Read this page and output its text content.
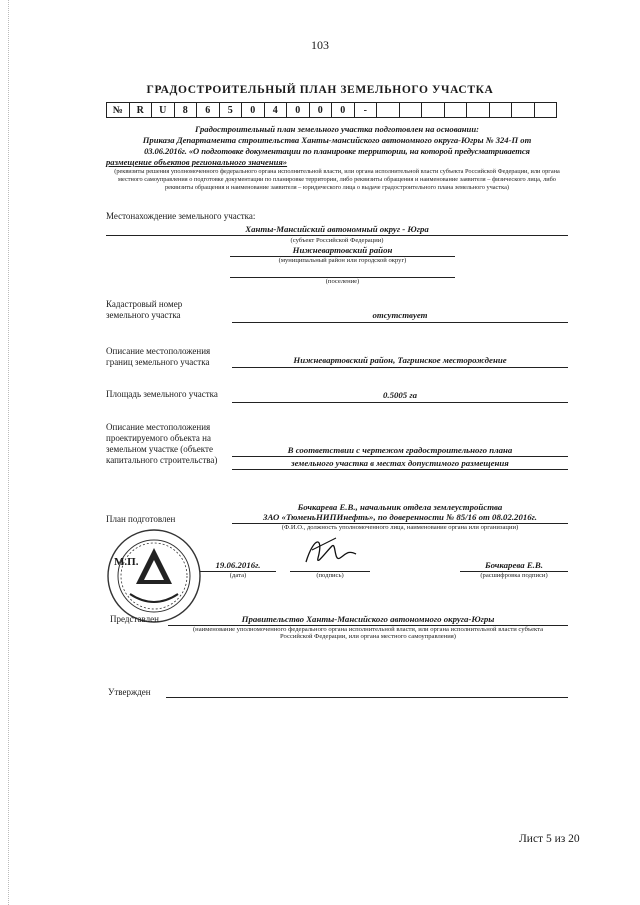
103
ГРАДОСТРОИТЕЛЬНЫЙ ПЛАН ЗЕМЕЛЬНОГО УЧАСТКА
№	R	U	8	6	5	0	4	0	0	0	-								
Градостроительный план земельного участка подготовлен на основании:
Приказа Департамента строительства Ханты-мансийского автономного округа-Югры № 324-П от
03.06.2016г. «О подготовке документации по планировке территории, на которой предусматривается
размещение объектов регионального значения»
(реквизиты решения уполномоченного федерального органа исполнительной власти, или органа исполнительной власти субъекта Российской Федерации, или органа местного самоуправления о подготовке документации по планировке территории, либо реквизиты обращения и наименование заявителя – физического лица, либо реквизиты обращения и наименование заявителя – юридического лица о выдаче градостроительного плана земельного участка)
Местонахождение земельного участка:
Ханты-Мансийский автономный округ - Югра
(субъект Российской Федерации)
Нижневартовский район
(муниципальный район или городской округ)
(поселение)
Кадастровый номер
земельного участка	отсутствует
Описание местоположения
границ земельного участка	Нижневартовский район, Тагринское месторождение
Площадь земельного участка	0.5005 га
Описание местоположения
проектируемого объекта на
земельном участке (объекте
капитального строительства)
В соответствии с чертежом градостроительного плана
земельного участка в местах допустимого размещения
План подготовлен
Бочкарева Е.В., начальник отдела землеустройства
ЗАО «ТюменьНИПИнефть», по доверенности № 85/16 от 08.02.2016г.
(Ф.И.О., должность уполномоченного лица, наименование органа или организации)
М.П.	19.06.2016г.
(дата)	(подпись)
Бочкарева Е.В.
(расшифровка подписи)
Представлен	Правительство Ханты-Мансийского автономного округа-Югры
(наименование уполномоченного федерального органа исполнительной власти, или органа исполнительной власти субъекта
Российской Федерации, или органа местного самоуправления)
Утвержден
Лист 5 из 20
